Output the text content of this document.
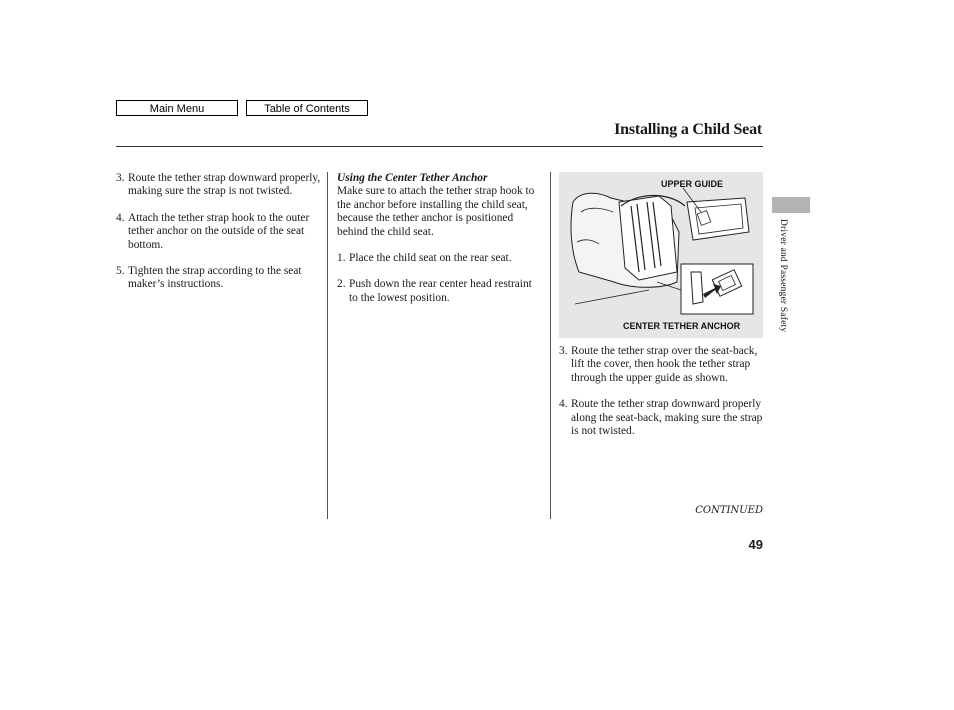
Main Menu	Table of Contents
Installing a Child Seat
3. Route the tether strap downward properly, making sure the strap is not twisted.
4. Attach the tether strap hook to the outer tether anchor on the outside of the seat bottom.
5. Tighten the strap according to the seat maker’s instructions.
Using the Center Tether Anchor
Make sure to attach the tether strap hook to the anchor before installing the child seat, because the tether anchor is positioned behind the child seat.
1. Place the child seat on the rear seat.
2. Push down the rear center head restraint to the lowest position.
UPPER GUIDE
CENTER TETHER ANCHOR
3. Route the tether strap over the seat-back, lift the cover, then hook the tether strap through the upper guide as shown.
4. Route the tether strap downward properly along the seat-back, making sure the strap is not twisted.
Driver and Passenger Safety
CONTINUED
49
